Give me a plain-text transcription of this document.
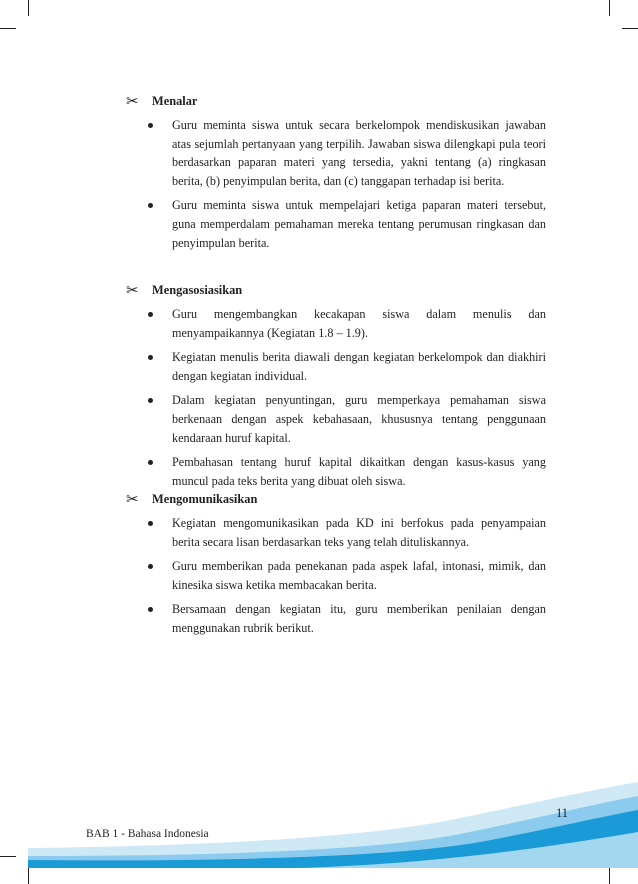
✂	Menalar
Guru meminta siswa untuk secara berkelompok mendiskusikan jawaban atas sejumlah pertanyaan yang terpilih. Jawaban siswa dilengkapi pula teori berdasarkan paparan materi yang tersedia, yakni tentang (a) ringkasan berita, (b) penyimpulan berita, dan (c) tanggapan terhadap isi berita.
Guru meminta siswa untuk mempelajari ketiga paparan materi tersebut, guna memperdalam pemahaman mereka tentang perumusan ringkasan dan penyimpulan berita.
✂	Mengasosiasikan
Guru mengembangkan kecakapan siswa dalam menulis dan menyampaikannya (Kegiatan 1.8 – 1.9).
Kegiatan menulis berita diawali dengan kegiatan berkelompok dan diakhiri dengan kegiatan individual.
Dalam kegiatan penyuntingan, guru memperkaya pemahaman siswa berkenaan dengan aspek kebahasaan, khususnya tentang penggunaan kendaraan huruf kapital.
Pembahasan tentang huruf kapital dikaitkan dengan kasus-kasus yang muncul pada teks berita yang dibuat oleh siswa.
✂	Mengomunikasikan
Kegiatan mengomunikasikan pada KD ini berfokus pada penyampaian berita secara lisan berdasarkan teks yang telah dituliskannya.
Guru memberikan pada penekanan pada aspek lafal, intonasi, mimik, dan kinesika siswa ketika membacakan berita.
Bersamaan dengan kegiatan itu, guru memberikan penilaian dengan menggunakan rubrik berikut.
11
BAB 1 - Bahasa Indonesia
